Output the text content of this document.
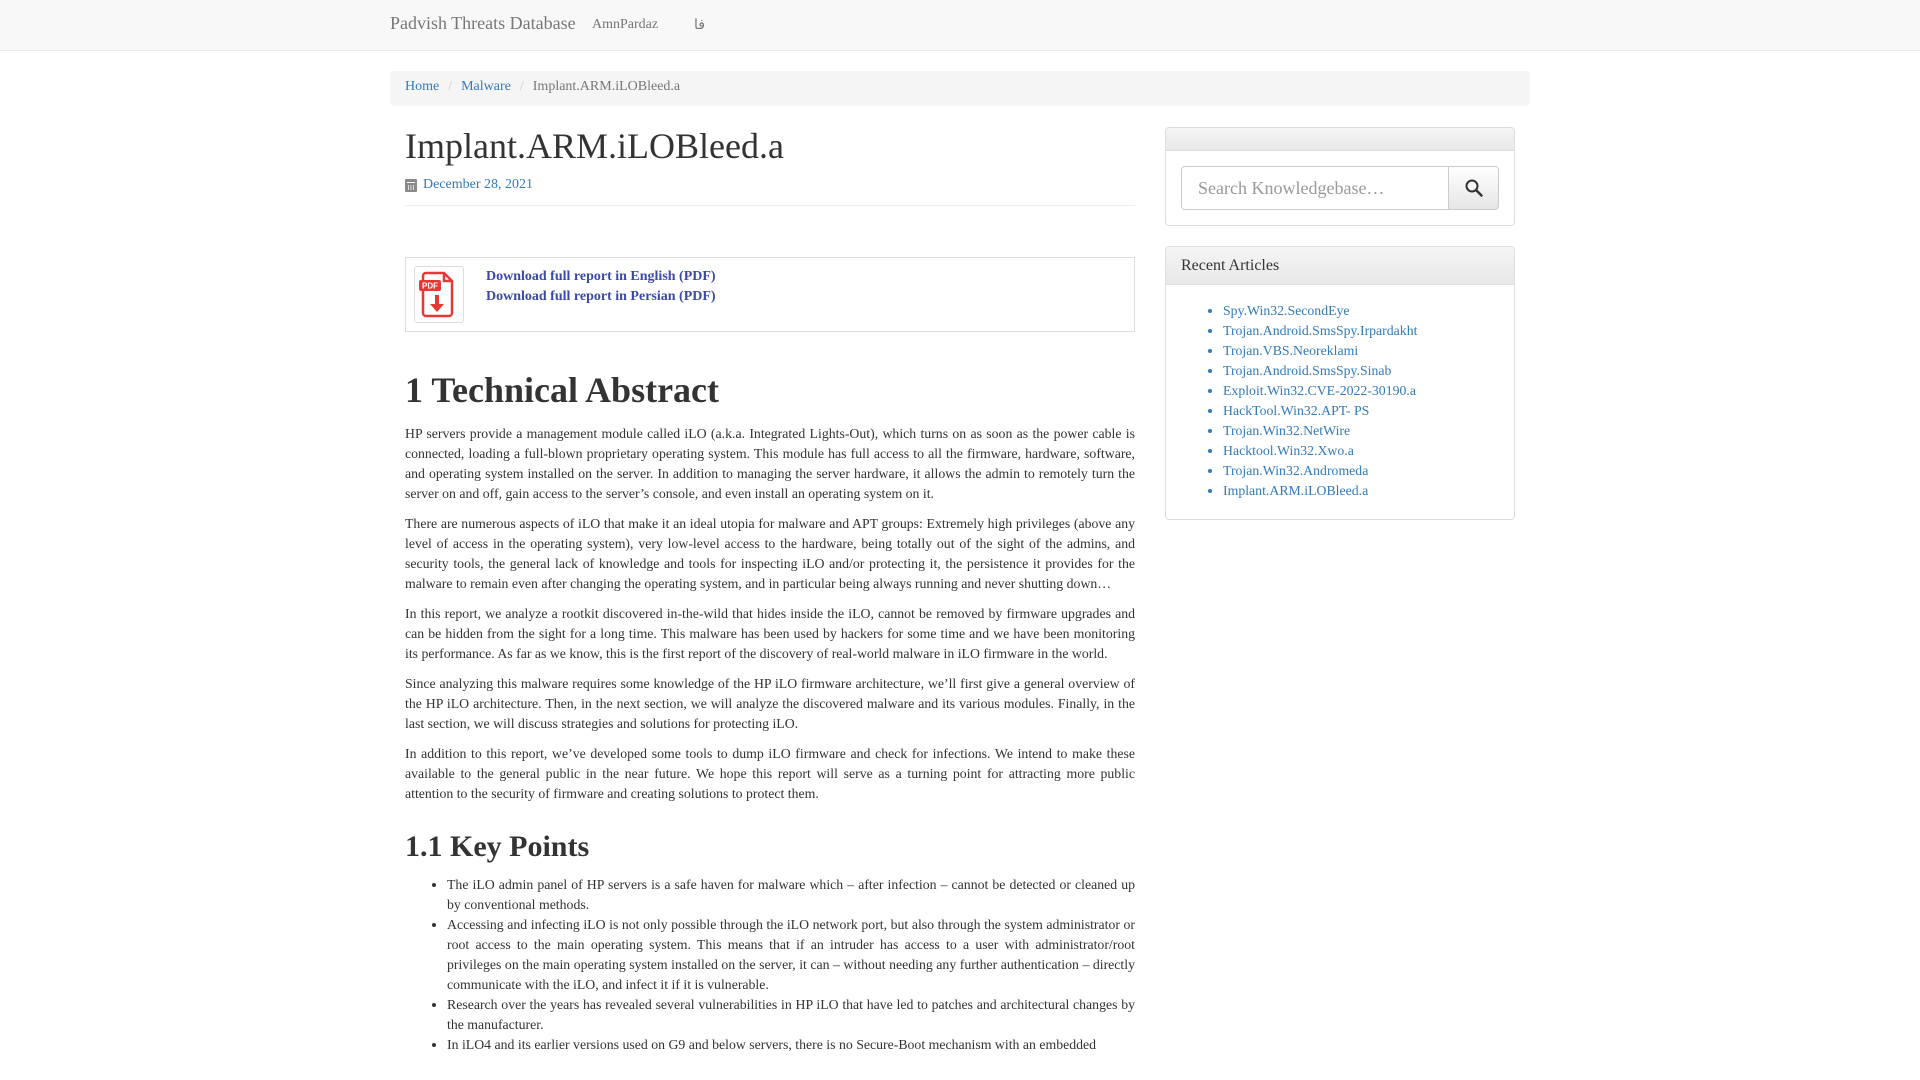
Padvish Threats Database AmnPardaz	فا
Home / Malware / Implant.ARM.iLOBleed.a
Implant.ARM.iLOBleed.a
December 28, 2021
PDF
Download full report in English (PDF)
Download full report in Persian (PDF)
1 Technical Abstract

HP servers provide a management module called iLO (a.k.a. Integrated Lights-Out), which turns on as soon as the power cable is connected, loading a full-blown proprietary operating system. This module has full access to all the firmware, hardware, software, and operating system installed on the server. In addition to managing the server hardware, it allows the admin to remotely turn the server on and off, gain access to the server’s console, and even install an operating system on it.

There are numerous aspects of iLO that make it an ideal utopia for malware and APT groups: Extremely high privileges (above any level of access in the operating system), very low-level access to the hardware, being totally out of the sight of the admins, and security tools, the general lack of knowledge and tools for inspecting iLO and/or protecting it, the persistence it provides for the malware to remain even after changing the operating system, and in particular being always running and never shutting down…

In this report, we analyze a rootkit discovered in-the-wild that hides inside the iLO, cannot be removed by firmware upgrades and can be hidden from the sight for a long time. This malware has been used by hackers for some time and we have been monitoring its performance. As far as we know, this is the first report of the discovery of real-world malware in iLO firmware in the world.

Since analyzing this malware requires some knowledge of the HP iLO firmware architecture, we’ll first give a general overview of the HP iLO architecture. Then, in the next section, we will analyze the discovered malware and its various modules. Finally, in the last section, we will discuss strategies and solutions for protecting iLO.

In addition to this report, we’ve developed some tools to dump iLO firmware and check for infections. We intend to make these available to the general public in the near future. We hope this report will serve as a turning point for attracting more public attention to the security of firmware and creating solutions to protect them.

1.1 Key Points
• The iLO admin panel of HP servers is a safe haven for malware which – after infection – cannot be detected or cleaned up by conventional methods.
• Accessing and infecting iLO is not only possible through the iLO network port, but also through the system administrator or root access to the main operating system. This means that if an intruder has access to a user with administrator/root privileges on the main operating system installed on the server, it can – without needing any further authentication – directly communicate with the iLO, and infect it if it is vulnerable.
• Research over the years has revealed several vulnerabilities in HP iLO that have led to patches and architectural changes by the manufacturer.
• In iLO4 and its earlier versions used on G9 and below servers, there is no Secure-Boot mechanism with an embedded
Search Knowledgebase…
Recent Articles
• Spy.Win32.SecondEye
• Trojan.Android.SmsSpy.Irpardakht
• Trojan.VBS.Neoreklami
• Trojan.Android.SmsSpy.Sinab
• Exploit.Win32.CVE-2022-30190.a
• HackTool.Win32.APT- PS
• Trojan.Win32.NetWire
• Hacktool.Win32.Xwo.a
• Trojan.Win32.Andromeda
• Implant.ARM.iLOBleed.a
